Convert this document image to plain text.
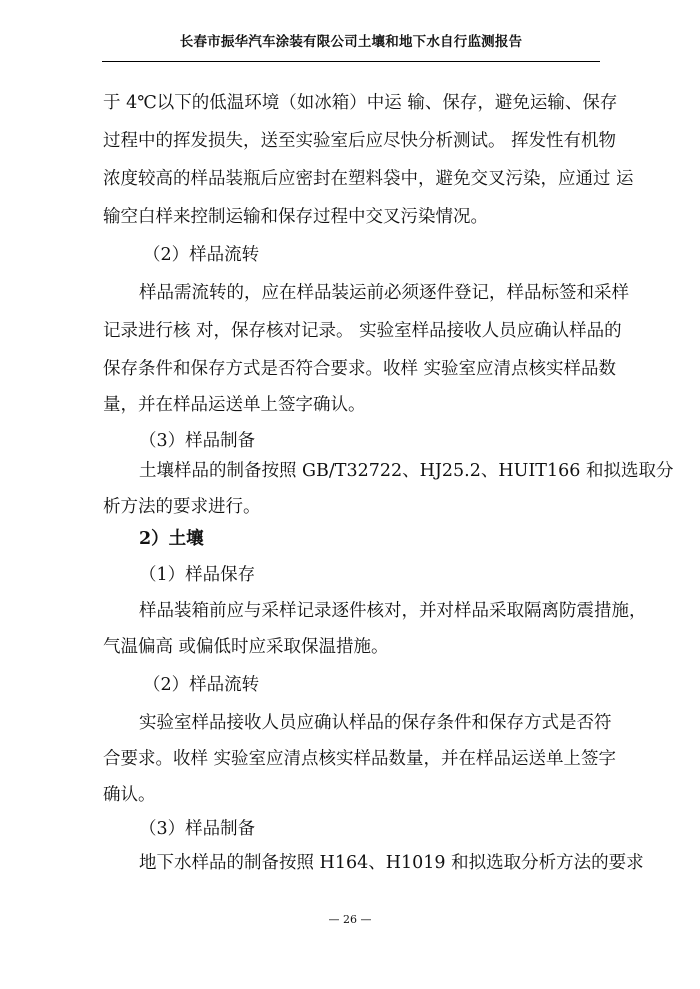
长春市振华汽车涂装有限公司土壤和地下水自行监测报告
于 4℃以下的低温环境（如冰箱）中运 输、保存，避免运输、保存
过程中的挥发损失，送至实验室后应尽快分析测试。 挥发性有机物
浓度较高的样品装瓶后应密封在塑料袋中，避免交叉污染，应通过 运
输空白样来控制运输和保存过程中交叉污染情况。
（2）样品流转
样品需流转的，应在样品装运前必须逐件登记，样品标签和采样
记录进行核 对，保存核对记录。 实验室样品接收人员应确认样品的
保存条件和保存方式是否符合要求。收样 实验室应清点核实样品数
量，并在样品运送单上签字确认。
（3）样品制备
土壤样品的制备按照 GB/T32722、HJ25.2、HUIT166 和拟选取分
析方法的要求进行。
2）土壤
（1）样品保存
样品装箱前应与采样记录逐件核对，并对样品采取隔离防震措施，
气温偏高 或偏低时应采取保温措施。
（2）样品流转
实验室样品接收人员应确认样品的保存条件和保存方式是否符
合要求。收样 实验室应清点核实样品数量，并在样品运送单上签字
确认。
（3）样品制备
地下水样品的制备按照 H164、H1019 和拟选取分析方法的要求
— 26 —
